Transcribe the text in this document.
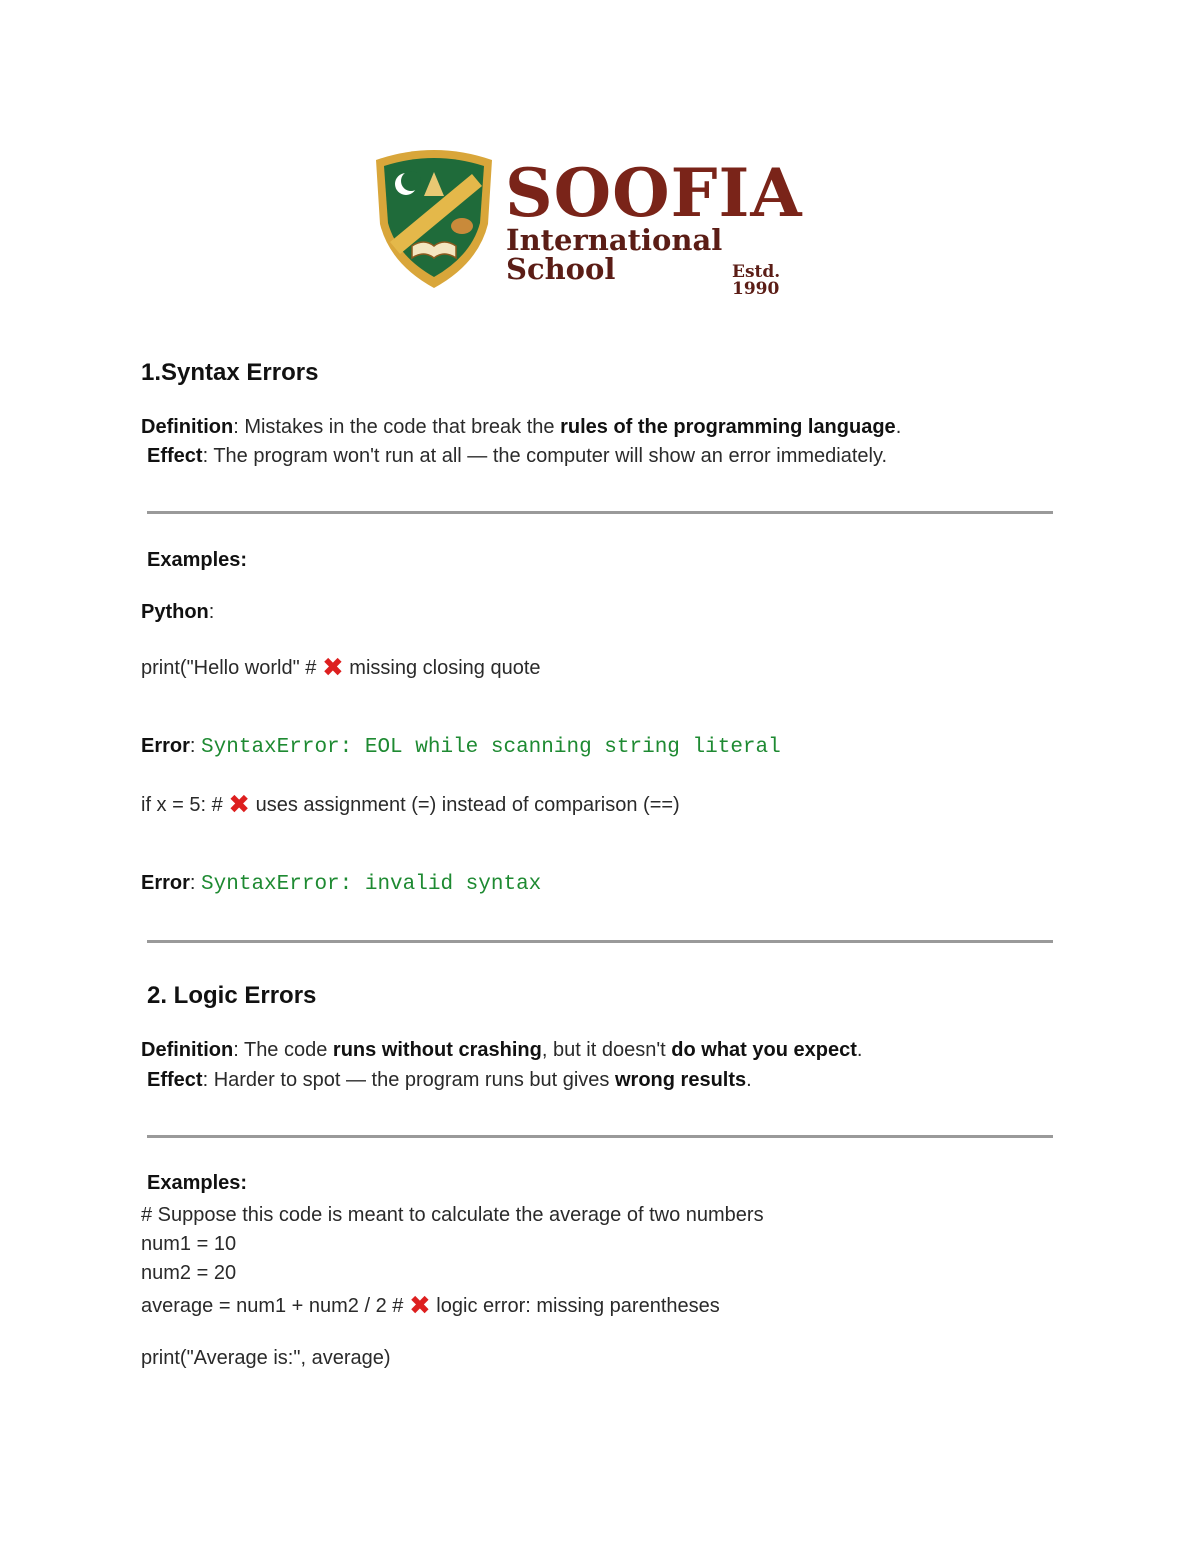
SOOFIA
International School	Estd. 1990
1.Syntax Errors
Definition: Mistakes in the code that break the rules of the programming language.
Effect: The program won't run at all — the computer will show an error immediately.
Examples:
Python:
print("Hello world" # ✖ missing closing quote
Error: SyntaxError: EOL while scanning string literal
if x = 5: # ✖ uses assignment (=) instead of comparison (==)
Error: SyntaxError: invalid syntax
2. Logic Errors
Definition: The code runs without crashing, but it doesn't do what you expect.
Effect: Harder to spot — the program runs but gives wrong results.
Examples:
# Suppose this code is meant to calculate the average of two numbers
num1 = 10
num2 = 20
average = num1 + num2 / 2 # ✖ logic error: missing parentheses
print("Average is:", average)
